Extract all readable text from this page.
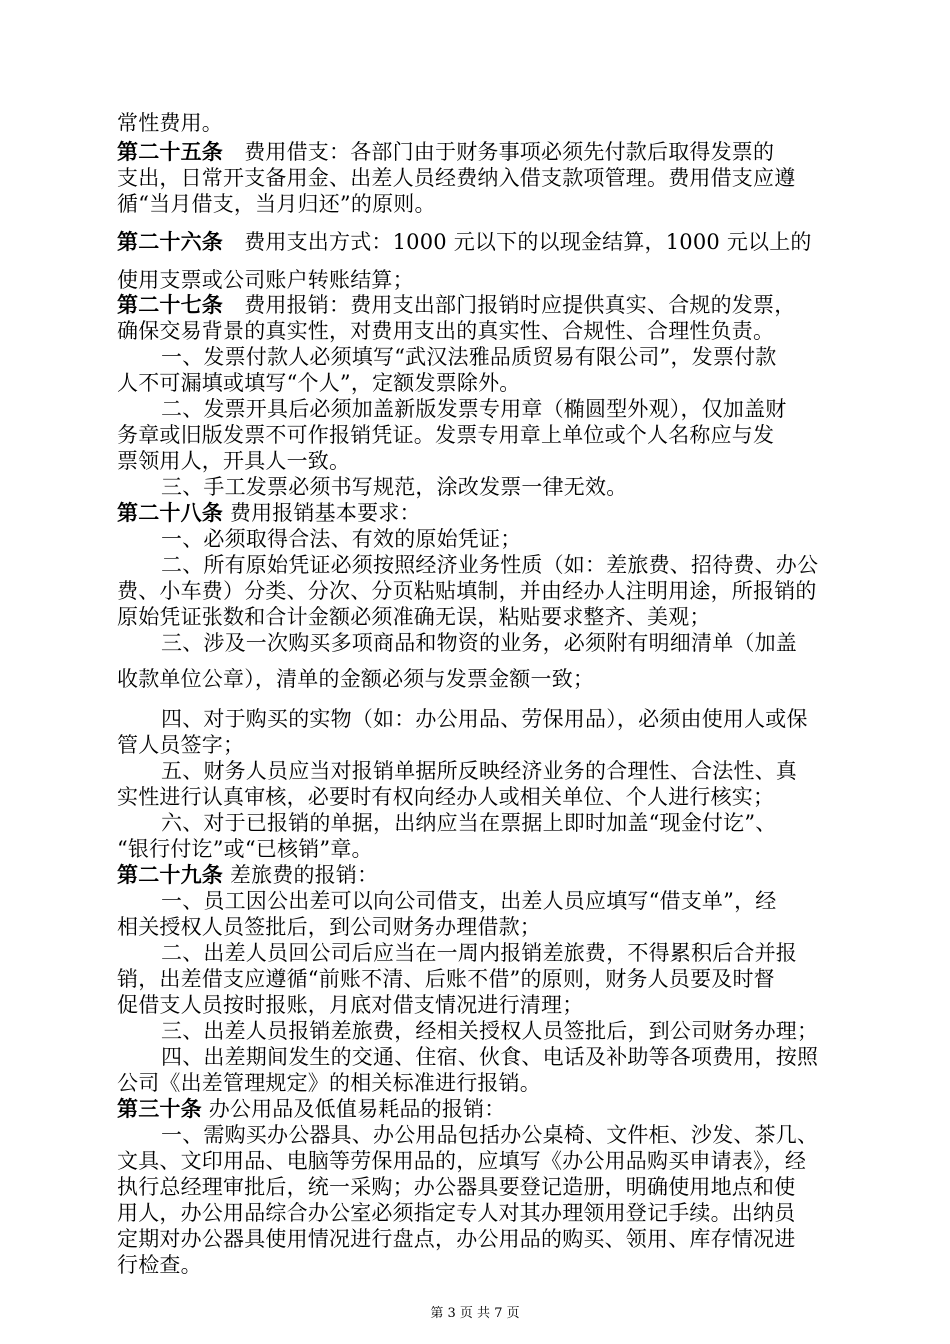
常性费用。
第二十五条　费用借支：各部门由于财务事项必须先付款后取得发票的
支出，日常开支备用金、出差人员经费纳入借支款项管理。费用借支应遵
循“当月借支，当月归还”的原则。
第二十六条　费用支出方式：1000 元以下的以现金结算，1000 元以上的
使用支票或公司账户转账结算；
第二十七条　费用报销：费用支出部门报销时应提供真实、合规的发票，
确保交易背景的真实性，对费用支出的真实性、合规性、合理性负责。
一、发票付款人必须填写“武汉法雅品质贸易有限公司”，发票付款
人不可漏填或填写“个人”，定额发票除外。
二、发票开具后必须加盖新版发票专用章（椭圆型外观），仅加盖财
务章或旧版发票不可作报销凭证。发票专用章上单位或个人名称应与发
票领用人，开具人一致。
三、手工发票必须书写规范，涂改发票一律无效。
第二十八条 费用报销基本要求：
一、必须取得合法、有效的原始凭证；
二、所有原始凭证必须按照经济业务性质（如：差旅费、招待费、办公
费、小车费）分类、分次、分页粘贴填制，并由经办人注明用途，所报销的
原始凭证张数和合计金额必须准确无误，粘贴要求整齐、美观；
三、涉及一次购买多项商品和物资的业务，必须附有明细清单（加盖
收款单位公章），清单的金额必须与发票金额一致；
四、对于购买的实物（如：办公用品、劳保用品），必须由使用人或保
管人员签字；
五、财务人员应当对报销单据所反映经济业务的合理性、合法性、真
实性进行认真审核，必要时有权向经办人或相关单位、个人进行核实；
六、对于已报销的单据，出纳应当在票据上即时加盖“现金付讫”、
“银行付讫”或“已核销”章。
第二十九条 差旅费的报销：
一、员工因公出差可以向公司借支，出差人员应填写“借支单”，经
相关授权人员签批后，到公司财务办理借款；
二、出差人员回公司后应当在一周内报销差旅费，不得累积后合并报
销，出差借支应遵循“前账不清、后账不借”的原则，财务人员要及时督
促借支人员按时报账，月底对借支情况进行清理；
三、出差人员报销差旅费，经相关授权人员签批后，到公司财务办理；
四、出差期间发生的交通、住宿、伙食、电话及补助等各项费用，按照
公司《出差管理规定》的相关标准进行报销。
第三十条 办公用品及低值易耗品的报销：
一、需购买办公器具、办公用品包括办公桌椅、文件柜、沙发、茶几、
文具、文印用品、电脑等劳保用品的，应填写《办公用品购买申请表》，经
执行总经理审批后，统一采购；办公器具要登记造册，明确使用地点和使
用人，办公用品综合办公室必须指定专人对其办理领用登记手续。出纳员
定期对办公器具使用情况进行盘点，办公用品的购买、领用、库存情况进
行检查。
第 3 页 共 7 页
